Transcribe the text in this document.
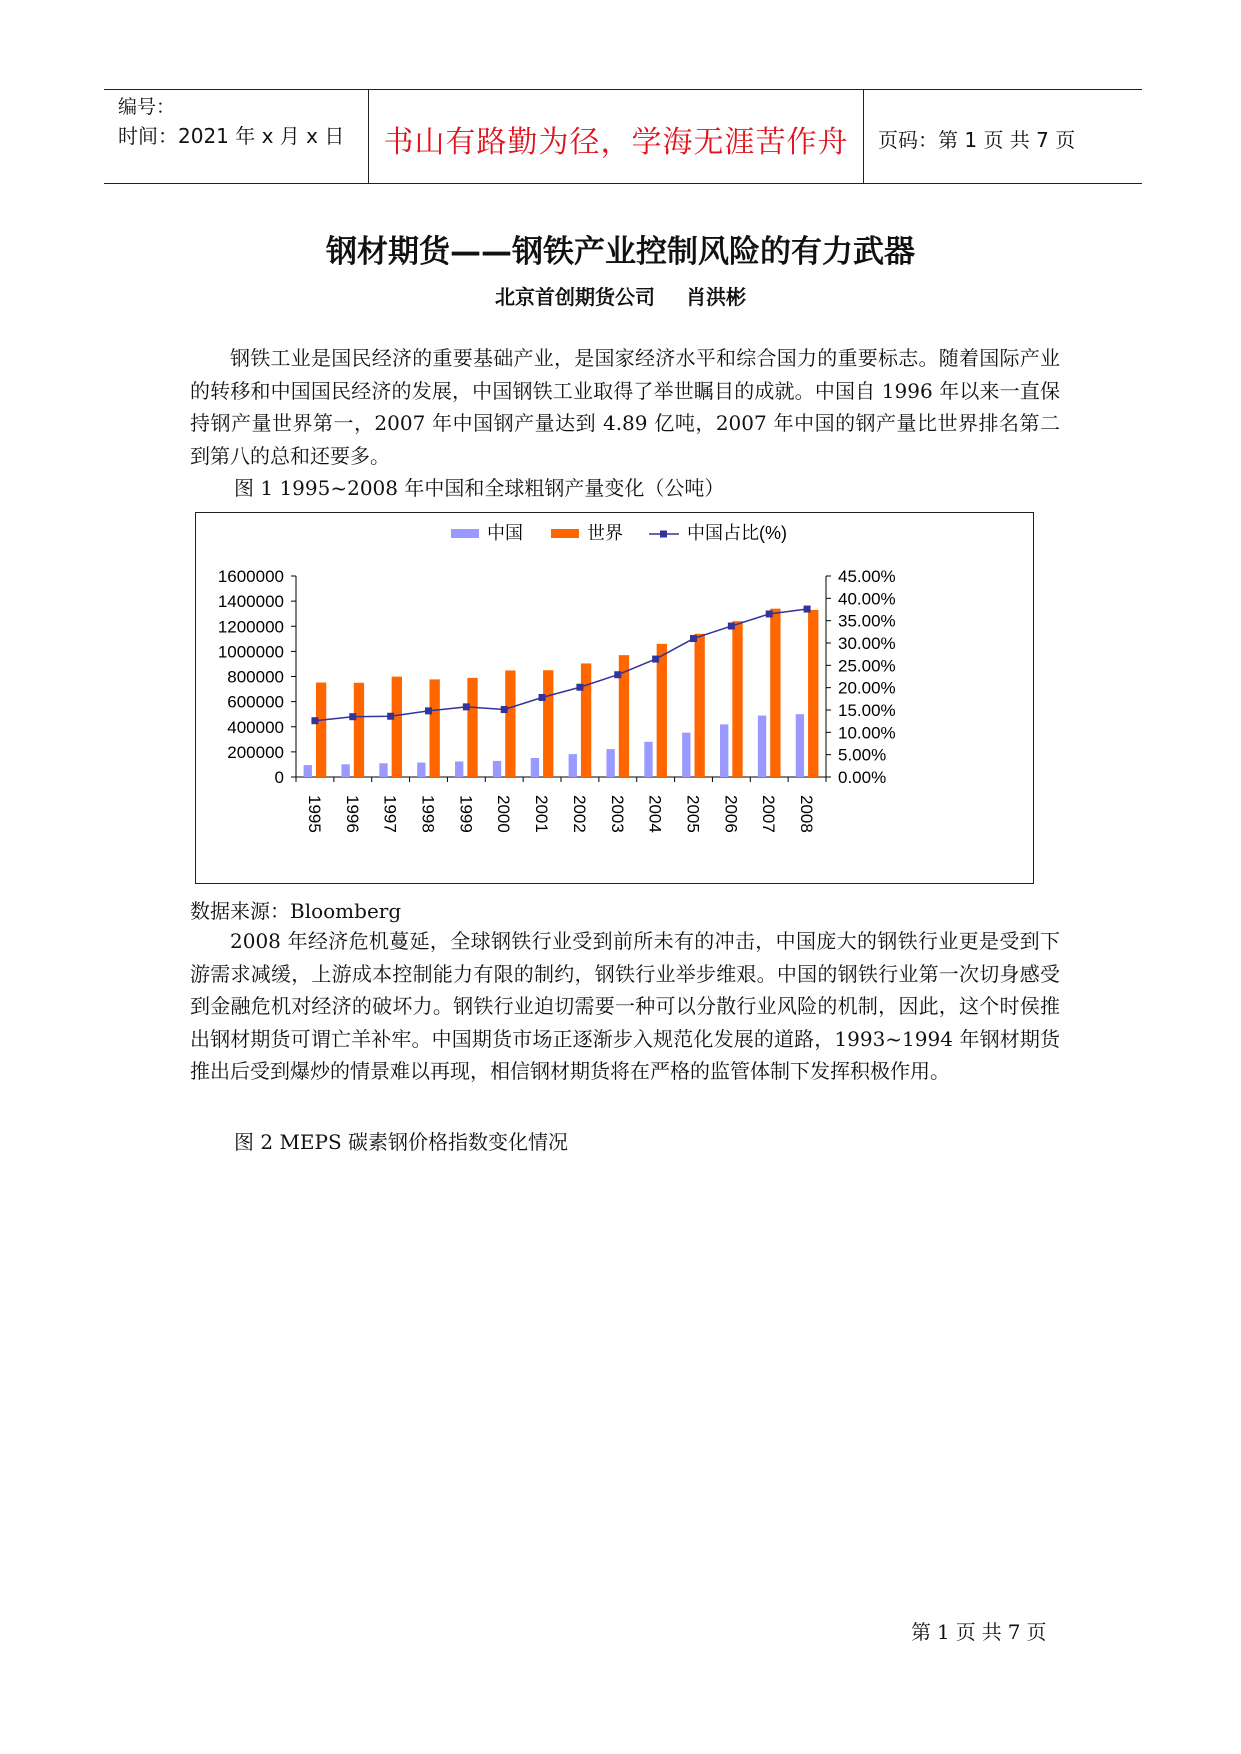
编号：
时间：2021 年 x 月 x 日	书山有路勤为径，学海无涯苦作舟	页码：第 1 页 共 7 页
钢材期货——钢铁产业控制风险的有力武器
北京首创期货公司 肖洪彬

钢铁工业是国民经济的重要基础产业，是国家经济水平和综合国力的重要标志。随着国际产业的转移和中国国民经济的发展，中国钢铁工业取得了举世瞩目的成就。中国自 1996 年以来一直保持钢产量世界第一，2007 年中国钢产量达到 4.89 亿吨，2007 年中国的钢产量比世界排名第二到第八的总和还要多。

图 1 1995~2008 年中国和全球粗钢产量变化（公吨）
中国	世界	中国占比(%)
0
200000
400000
600000
800000
1000000
1200000
1400000
1600000
0.00%
5.00%
10.00%
15.00%
20.00%
25.00%
30.00%
35.00%
40.00%
45.00%
1995 1996 1997 1998 1999 2000 2001 2002 2003 2004 2005 2006 2007 2008
数据来源：Bloomberg

2008 年经济危机蔓延，全球钢铁行业受到前所未有的冲击，中国庞大的钢铁行业更是受到下游需求减缓，上游成本控制能力有限的制约，钢铁行业举步维艰。中国的钢铁行业第一次切身感受到金融危机对经济的破坏力。钢铁行业迫切需要一种可以分散行业风险的机制，因此，这个时侯推出钢材期货可谓亡羊补牢。中国期货市场正逐渐步入规范化发展的道路，1993~1994 年钢材期货推出后受到爆炒的情景难以再现，相信钢材期货将在严格的监管体制下发挥积极作用。

图 2 MEPS 碳素钢价格指数变化情况
第 1 页 共 7 页
